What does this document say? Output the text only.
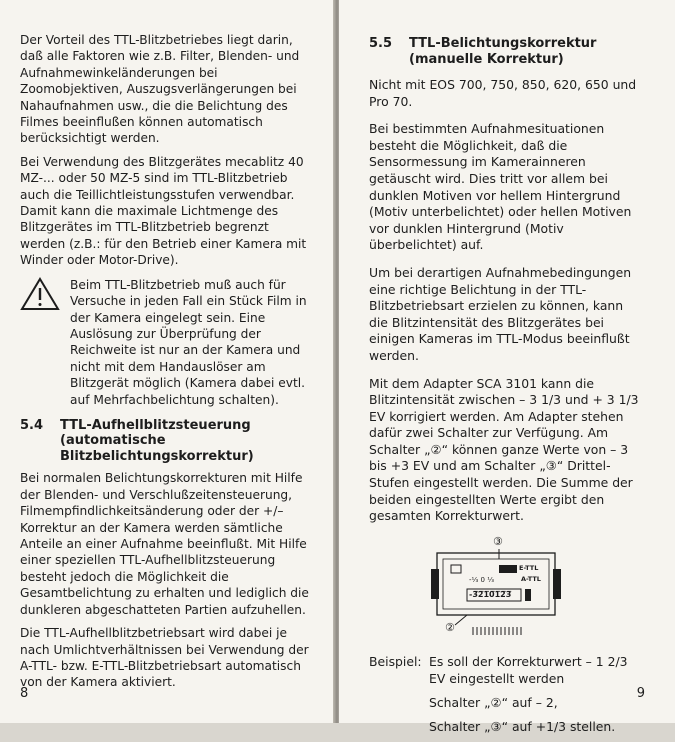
Der Vorteil des TTL-Blitzbetriebes liegt darin, daß alle Faktoren wie z.B. Filter, Blenden- und Aufnahmewinkeländerungen bei Zoomobjektiven, Auszugsverlängerungen bei Nahaufnahmen usw., die die Belichtung des Filmes beeinflußen können automatisch berücksichtigt werden.

Bei Verwendung des Blitzgerätes mecablitz 40 MZ-... oder 50 MZ-5 sind im TTL-Blitzbetrieb auch die Teillichtleistungsstufen verwendbar. Damit kann die maximale Lichtmenge des Blitzgerätes im TTL-Blitzbetrieb begrenzt werden (z.B.: für den Betrieb einer Kamera mit Winder oder Motor-Drive).

Beim TTL-Blitzbetrieb muß auch für Versuche in jeden Fall ein Stück Film in der Kamera eingelegt sein. Eine Auslösung zur Überprüfung der Reichweite ist nur an der Kamera und nicht mit dem Handauslöser am Blitzgerät möglich (Kamera dabei evtl. auf Mehrfachbelichtung schalten).

5.4 TTL-Aufhellblitzsteuerung
(automatische
Blitzbelichtungskorrektur)

Bei normalen Belichtungskorrekturen mit Hilfe der Blenden- und Verschlußzeitensteuerung, Filmempfindlichkeitsänderung oder der +/– Korrektur an der Kamera werden sämtliche Anteile an einer Aufnahme beeinflußt. Mit Hilfe einer speziellen TTL-Aufhellblitzsteuerung besteht jedoch die Möglichkeit die Gesamtbelichtung zu erhalten und lediglich die dunkleren abgeschatteten Partien aufzuhellen.

Die TTL-Aufhellblitzbetriebsart wird dabei je nach Umlichtverhältnissen bei Verwendung der A-TTL- bzw. E-TTL-Blitzbetriebsart automatisch von der Kamera aktiviert.

8
5.5 TTL-Belichtungskorrektur
(manuelle Korrektur)

Nicht mit EOS 700, 750, 850, 620, 650 und Pro 70.

Bei bestimmten Aufnahmesituationen besteht die Möglichkeit, daß die Sensormessung im Kamerainneren getäuscht wird. Dies tritt vor allem bei dunklen Motiven vor hellem Hintergrund (Motiv unterbelichtet) oder hellen Motiven vor dunklen Hintergrund (Motiv überbelichtet) auf.

Um bei derartigen Aufnahmebedingungen eine richtige Belichtung in der TTL-Blitzbetriebsart erzielen zu können, kann die Blitzintensität des Blitzgerätes bei einigen Kameras im TTL-Modus beeinflußt werden.

Mit dem Adapter SCA 3101 kann die Blitzintensität zwischen – 3 1/3 und + 3 1/3 EV korrigiert werden. Am Adapter stehen dafür zwei Schalter zur Verfügung. Am Schalter „②“ können ganze Werte von – 3 bis +3 EV und am Schalter „③“ Drittel-Stufen eingestellt werden. Die Summe der beiden eingestellten Werte ergibt den gesamten Korrekturwert.

③
②
E-TTL
A-TTL
-⅓ 0 ⅓
-3̅2̅1̅0̅1̅2̅3̅
Beispiel: Es soll der Korrekturwert – 1 2/3 EV eingestellt werden
Schalter „②“ auf – 2,
Schalter „③“ auf +1/3 stellen.
9
